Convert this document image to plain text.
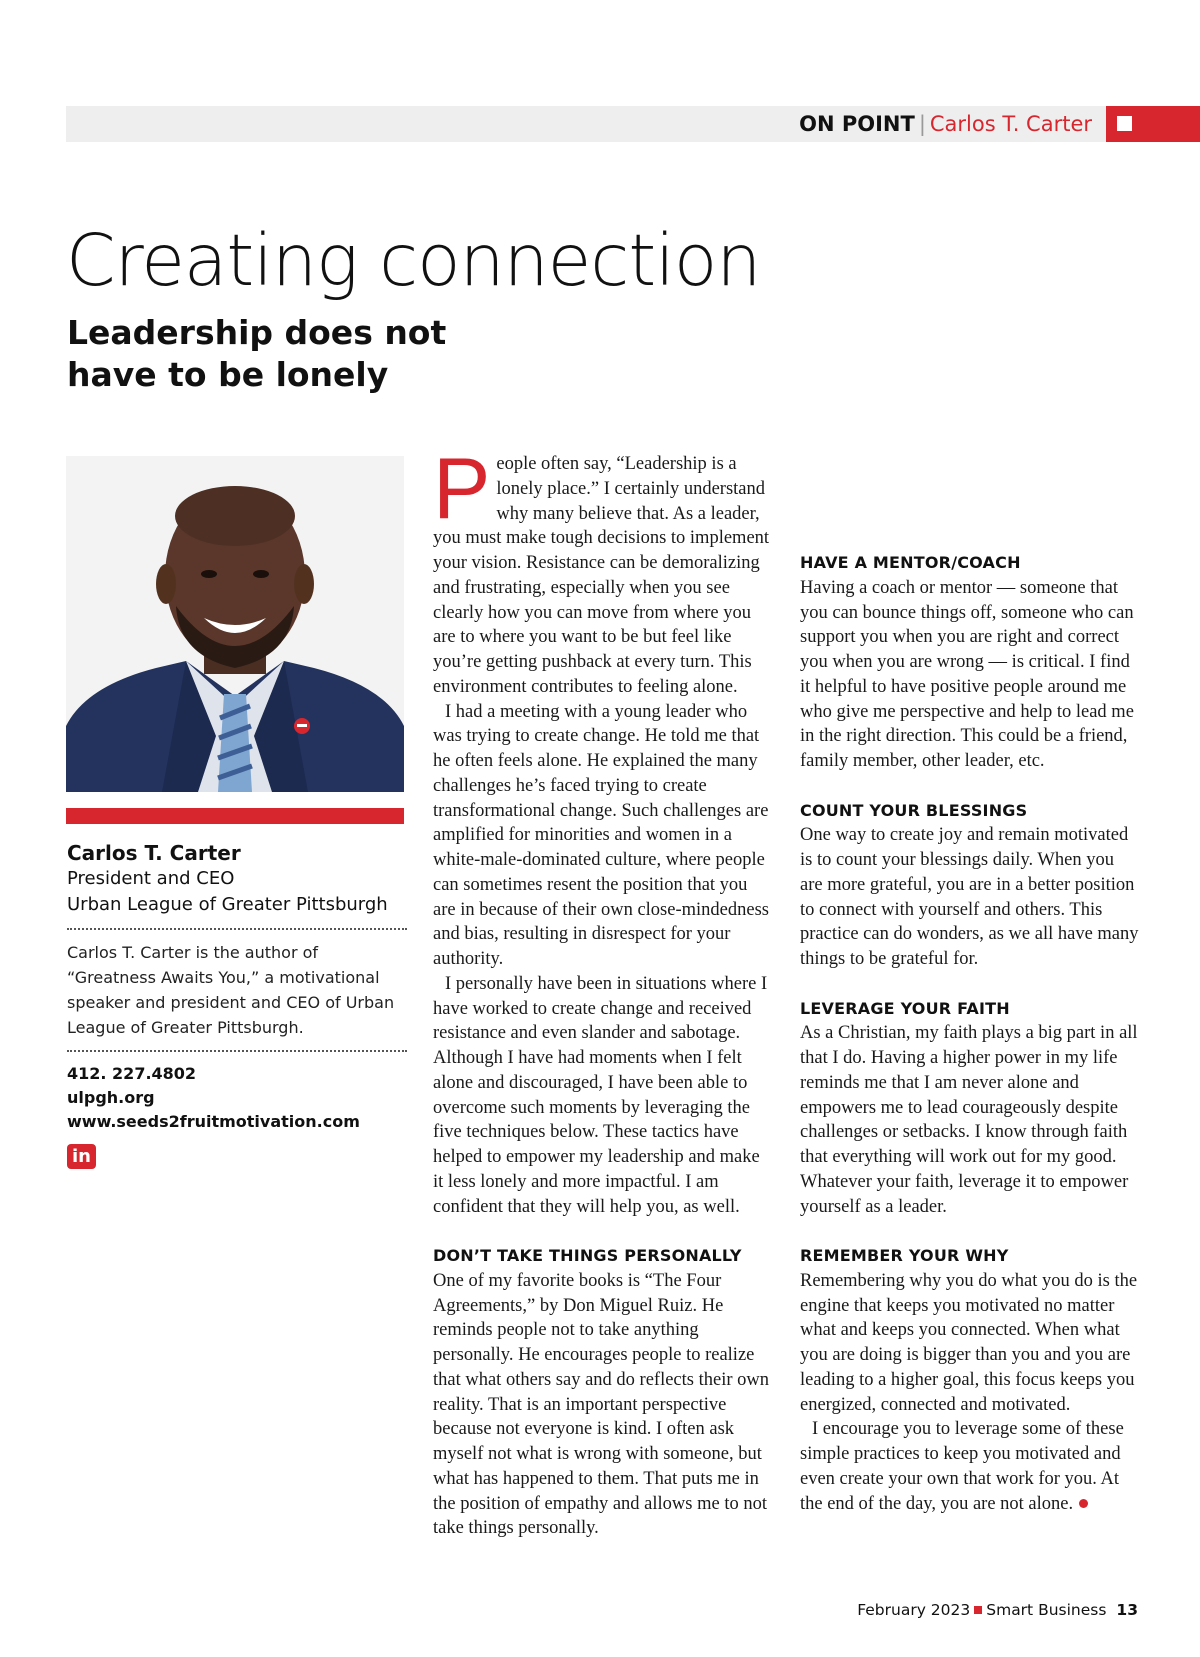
ON POINT | Carlos T. Carter
Creating connection
Leadership does not have to be lonely
Carlos T. Carter
President and CEO
Urban League of Greater Pittsburgh
Carlos T. Carter is the author of “Greatness Awaits You,” a motivational speaker and president and CEO of Urban League of Greater Pittsburgh.
412. 227.4802
ulpgh.org
www.seeds2fruitmotivation.com
in

People often say, “Leadership is a lonely place.” I certainly understand why many believe that. As a leader, you must make tough decisions to implement your vision. Resistance can be demoralizing and frustrating, especially when you see clearly how you can move from where you are to where you want to be but feel like you’re getting pushback at every turn. This environment contributes to feeling alone.

I had a meeting with a young leader who was trying to create change. He told me that he often feels alone. He explained the many challenges he’s faced trying to create transformational change. Such challenges are amplified for minorities and women in a white-male-dominated culture, where people can sometimes resent the position that you are in because of their own close-mindedness and bias, resulting in disrespect for your authority.

I personally have been in situations where I have worked to create change and received resistance and even slander and sabotage. Although I have had moments when I felt alone and discouraged, I have been able to overcome such moments by leveraging the five techniques below. These tactics have helped to empower my leadership and make it less lonely and more impactful. I am confident that they will help you, as well.

DON’T TAKE THINGS PERSONALLY

One of my favorite books is “The Four Agreements,” by Don Miguel Ruiz. He reminds people not to take anything personally. He encourages people to realize that what others say and do reflects their own reality. That is an important perspective because not everyone is kind. I often ask myself not what is wrong with someone, but what has happened to them. That puts me in the position of empathy and allows me to not take things personally.

HAVE A MENTOR/COACH

Having a coach or mentor — someone that you can bounce things off, someone who can support you when you are right and correct you when you are wrong — is critical. I find it helpful to have positive people around me who give me perspective and help to lead me in the right direction. This could be a friend, family member, other leader, etc.

COUNT YOUR BLESSINGS

One way to create joy and remain motivated is to count your blessings daily. When you are more grateful, you are in a better position to connect with yourself and others. This practice can do wonders, as we all have many things to be grateful for.

LEVERAGE YOUR FAITH

As a Christian, my faith plays a big part in all that I do. Having a higher power in my life reminds me that I am never alone and empowers me to lead courageously despite challenges or setbacks. I know through faith that everything will work out for my good. Whatever your faith, leverage it to empower yourself as a leader.

REMEMBER YOUR WHY

Remembering why you do what you do is the engine that keeps you motivated no matter what and keeps you connected. When what you are doing is bigger than you and you are leading to a higher goal, this focus keeps you energized, connected and motivated.

I encourage you to leverage some of these simple practices to keep you motivated and even create your own that work for you. At the end of the day, you are not alone.

February 2023 Smart Business 13
